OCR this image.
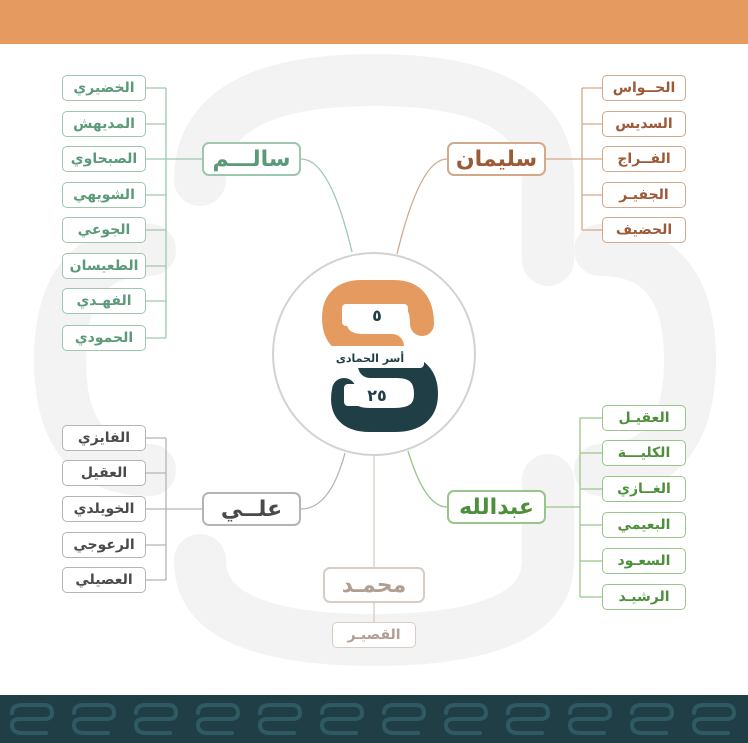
٥
أسر الحمادى
٢٥
سالـــم
الخضيري
المديهش
الصبحاوي
الشويهي
الجوعي
الطعيسان
الفهـدي
الحمودي
سليمان
الحــواس
السديس
الفــراج
الجفيـر
الحضيف
علــي
الفايزي
العقيل
الخويلدي
الرعوجي
العصيلي
عبدالله
العقيـل
الكليـــة
الغــازي
البعيمي
السعـود
الرشيـد
محمـد
القصيـر
